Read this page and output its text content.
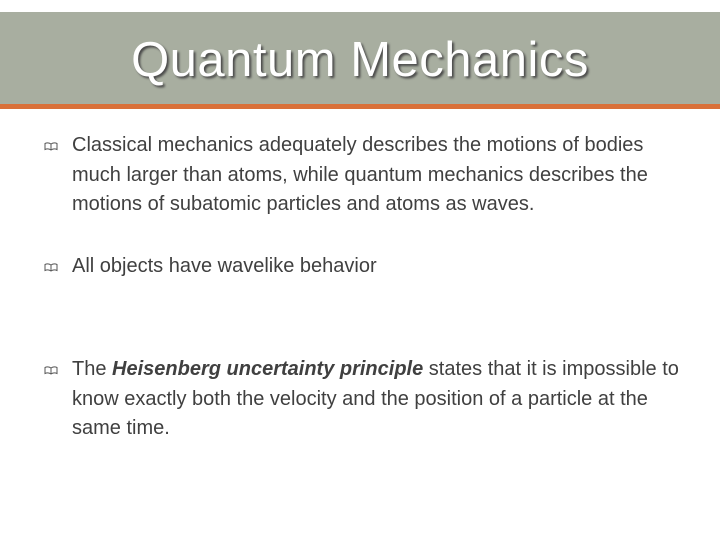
Quantum Mechanics
Classical mechanics adequately describes the motions of bodies much larger than atoms, while quantum mechanics describes the motions of subatomic particles and atoms as waves.
All objects have wavelike behavior
The Heisenberg uncertainty principle states that it is impossible to know exactly both the velocity and the position of a particle at the same time.
